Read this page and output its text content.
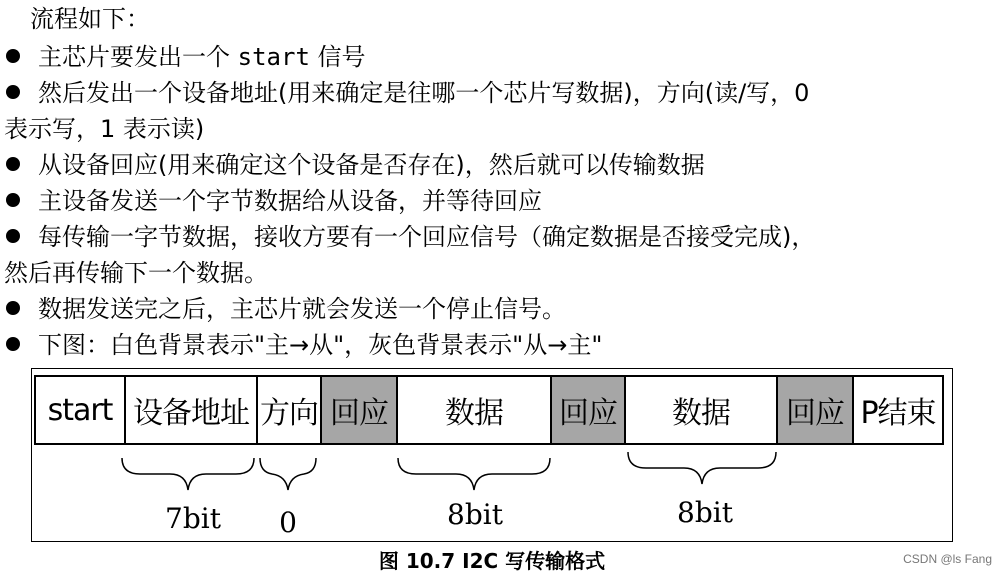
流程如下：
主芯片要发出一个 start 信号
然后发出一个设备地址(用来确定是往哪一个芯片写数据)，方向(读/写，0
表示写，1 表示读)
从设备回应(用来确定这个设备是否存在)，然后就可以传输数据
主设备发送一个字节数据给从设备，并等待回应
每传输一字节数据，接收方要有一个回应信号（确定数据是否接受完成)，
然后再传输下一个数据。
数据发送完之后，主芯片就会发送一个停止信号。
下图：白色背景表示"主→从"，灰色背景表示"从→主"
start 设备地址 方向 回应	数据	回应	数据	回应 P结束
7bit	0	8bit	8bit
图 10.7 I2C 写传输格式	CSDN @ls Fang
